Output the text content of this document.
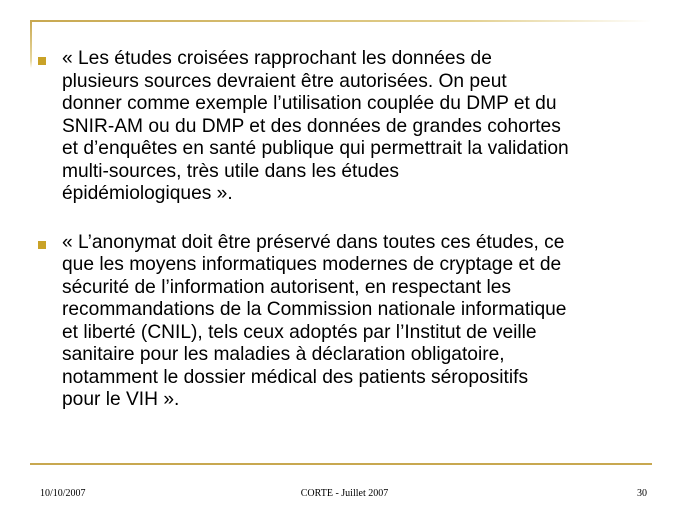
« Les études croisées rapprochant les données de
plusieurs sources devraient être autorisées. On peut
donner comme exemple l’utilisation couplée du DMP et du
SNIR-AM ou du DMP et des données de grandes cohortes
et d’enquêtes en santé publique qui permettrait la validation
multi-sources, très utile dans les études
épidémiologiques ».
« L’anonymat doit être préservé dans toutes ces études, ce
que les moyens informatiques modernes de cryptage et de
sécurité de l’information autorisent, en respectant les
recommandations de la Commission nationale informatique
et liberté (CNIL), tels ceux adoptés par l’Institut de veille
sanitaire pour les maladies à déclaration obligatoire,
notamment le dossier médical des patients séropositifs
pour le VIH ».
10/10/2007	CORTE - Juillet 2007	30
